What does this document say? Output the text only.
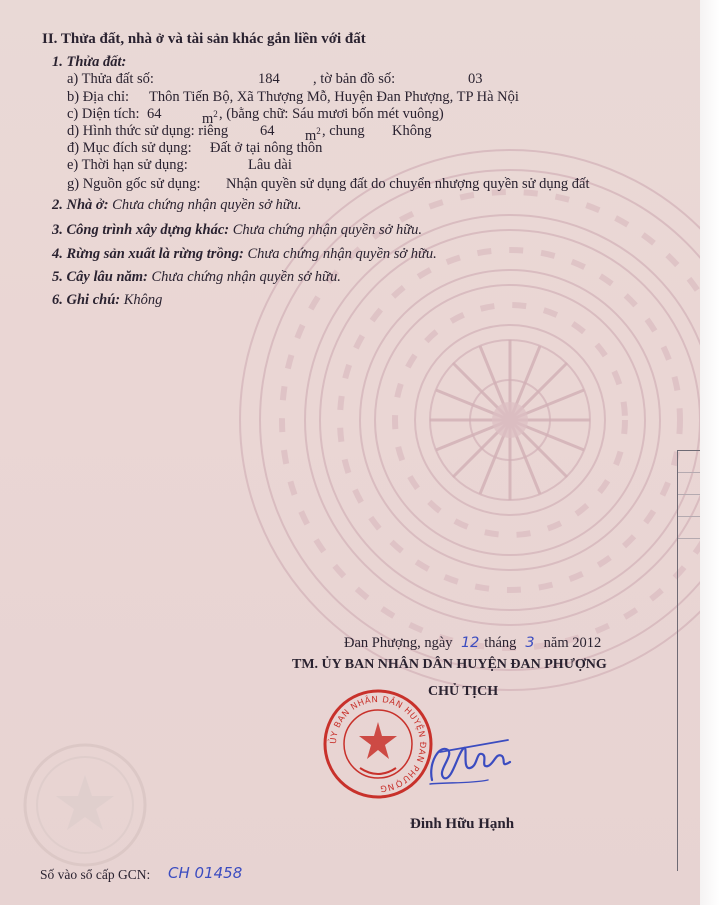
II. Thửa đất, nhà ở và tài sản khác gắn liền với đất
1. Thửa đất:
a) Thửa đất số:	184 , tờ bản đồ số:	03
b) Địa chỉ: Thôn Tiến Bộ, Xã Thượng Mỗ, Huyện Đan Phượng, TP Hà Nội
c) Diện tích: 64	$m^2$ , (bằng chữ: Sáu mươi bốn mét vuông)
d) Hình thức sử dụng: riêng 64 $m^2$ , chung Không
đ) Mục đích sử dụng: Đất ở tại nông thôn
e) Thời hạn sử dụng:	Lâu dài
g) Nguồn gốc sử dụng: Nhận quyền sử dụng đất do chuyển nhượng quyền sử dụng đất
2. Nhà ở: Chưa chứng nhận quyền sở hữu.
3. Công trình xây dựng khác: Chưa chứng nhận quyền sở hữu.
4. Rừng sản xuất là rừng trồng: Chưa chứng nhận quyền sở hữu.
5. Cây lâu năm: Chưa chứng nhận quyền sở hữu.
6. Ghi chú: Không
Đan Phượng, ngày 12 tháng 3 năm 2012
TM. ỦY BAN NHÂN DÂN HUYỆN ĐAN PHƯỢNG
CHỦ TỊCH
ỦY BAN NHÂN DÂN HUYỆN ĐAN PHƯỢNG
Đinh Hữu Hạnh
Số vào sổ cấp GCN: CH 01458
